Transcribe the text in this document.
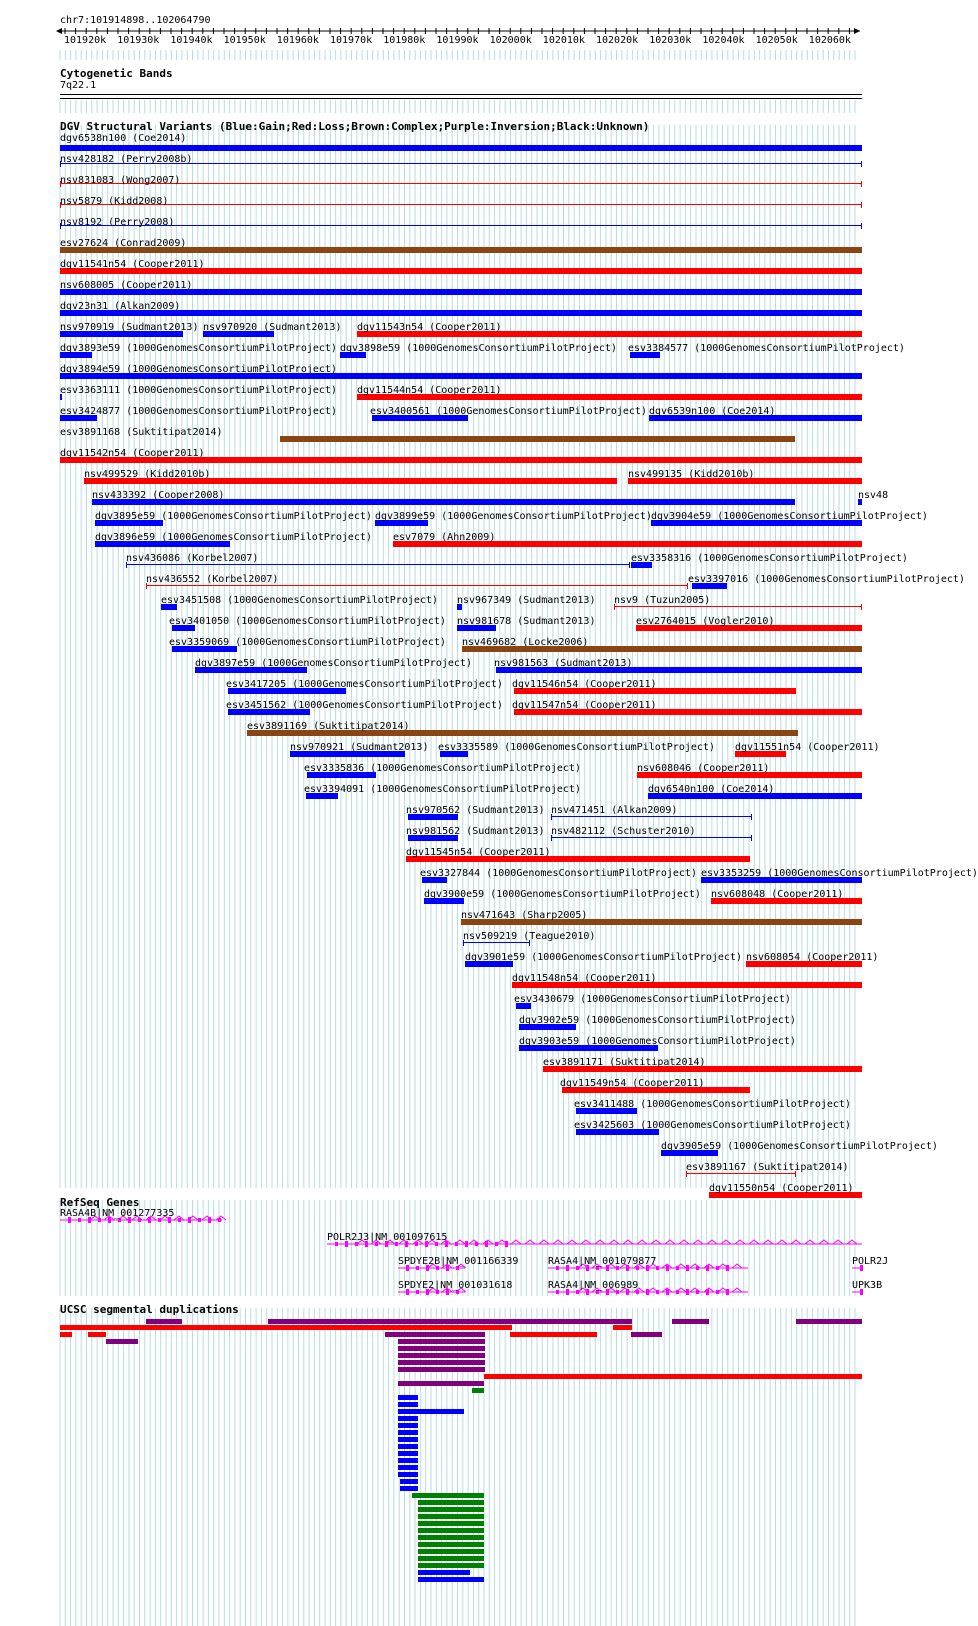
chr7:101914898..102064790
101920k 101930k 101940k 101950k 101960k 101970k 101980k 101990k 102000k 102010k 102020k 102030k 102040k 102050k 102060k
Cytogenetic Bands
7q22.1
DGV Structural Variants (Blue:Gain;Red:Loss;Brown:Complex;Purple:Inversion;Black:Unknown)
dgv6538n100 (Coe2014)
nsv428182 (Perry2008b)
nsv831083 (Wong2007)
nsv5879 (Kidd2008)
nsv8192 (Perry2008)
esv27624 (Conrad2009)
dgv11541n54 (Cooper2011)
nsv608005 (Cooper2011)
dgv23n31 (Alkan2009)
nsv970919 (Sudmant2013) nsv970920 (Sudmant2013) dgv11543n54 (Cooper2011)
dgv3893e59 (1000GenomesConsortiumPilotProject) dgv3898e59 (1000GenomesConsortiumPilotProject) esv3384577 (1000GenomesConsortiumPilotProject)
dgv3894e59 (1000GenomesConsortiumPilotProject)
esv3363111 (1000GenomesConsortiumPilotProject) dgv11544n54 (Cooper2011)
esv3424877 (1000GenomesConsortiumPilotProject)	esv3400561 (1000GenomesConsortiumPilotProject) dgv6539n100 (Coe2014)
esv3891168 (Suktitipat2014)
dgv11542n54 (Cooper2011)
nsv499529 (Kidd2010b)	nsv499135 (Kidd2010b)
nsv433392 (Cooper2008)	nsv48
dgv3895e59 (1000GenomesConsortiumPilotProject) dgv3899e59 (1000GenomesConsortiumPilotProject) dgv3904e59 (1000GenomesConsortiumPilotProject)
dgv3896e59 (1000GenomesConsortiumPilotProject) esv7079 (Ahn2009)
nsv436086 (Korbel2007)	esv3358316 (1000GenomesConsortiumPilotProject)
nsv436552 (Korbel2007)	esv3397016 (1000GenomesConsortiumPilotProject)
esv3451508 (1000GenomesConsortiumPilotProject) nsv967349 (Sudmant2013) nsv9 (Tuzun2005)
esv3401050 (1000GenomesConsortiumPilotProject) nsv981678 (Sudmant2013)	esv2764015 (Vogler2010)
esv3359069 (1000GenomesConsortiumPilotProject) nsv469682 (Locke2006)
dgv3897e59 (1000GenomesConsortiumPilotProject) nsv981563 (Sudmant2013)
esv3417205 (1000GenomesConsortiumPilotProject) dgv11546n54 (Cooper2011)
esv3451562 (1000GenomesConsortiumPilotProject) dgv11547n54 (Cooper2011)
esv3891169 (Suktitipat2014)
nsv970921 (Sudmant2013) esv3335589 (1000GenomesConsortiumPilotProject) dgv11551n54 (Cooper2011)
esv3335836 (1000GenomesConsortiumPilotProject)	nsv608046 (Cooper2011)
esv3394091 (1000GenomesConsortiumPilotProject)	dgv6540n100 (Coe2014)
nsv970562 (Sudmant2013) nsv471451 (Alkan2009)
nsv981562 (Sudmant2013) nsv482112 (Schuster2010)
dgv11545n54 (Cooper2011)
esv3327844 (1000GenomesConsortiumPilotProject) esv3353259 (1000GenomesConsortiumPilotProject)
dgv3900e59 (1000GenomesConsortiumPilotProject) nsv608048 (Cooper2011)
nsv471643 (Sharp2005)
nsv509219 (Teague2010)
dgv3901e59 (1000GenomesConsortiumPilotProject) nsv608054 (Cooper2011)
dgv11548n54 (Cooper2011)
esv3430679 (1000GenomesConsortiumPilotProject)
dgv3902e59 (1000GenomesConsortiumPilotProject)
dgv3903e59 (1000GenomesConsortiumPilotProject)
esv3891171 (Suktitipat2014)
dgv11549n54 (Cooper2011)
esv3411488 (1000GenomesConsortiumPilotProject)
esv3425603 (1000GenomesConsortiumPilotProject)
dgv3905e59 (1000GenomesConsortiumPilotProject)
esv3891167 (Suktitipat2014)
dgv11550n54 (Cooper2011)
RefSeq Genes
RASA4B|NM_001277335
POLR2J3|NM_001097615
SPDYE2B|NM_001166339	RASA4|NM_001079877	POLR2J
SPDYE2|NM_001031618	RASA4|NM_006989	UPK3B
UCSC segmental duplications
